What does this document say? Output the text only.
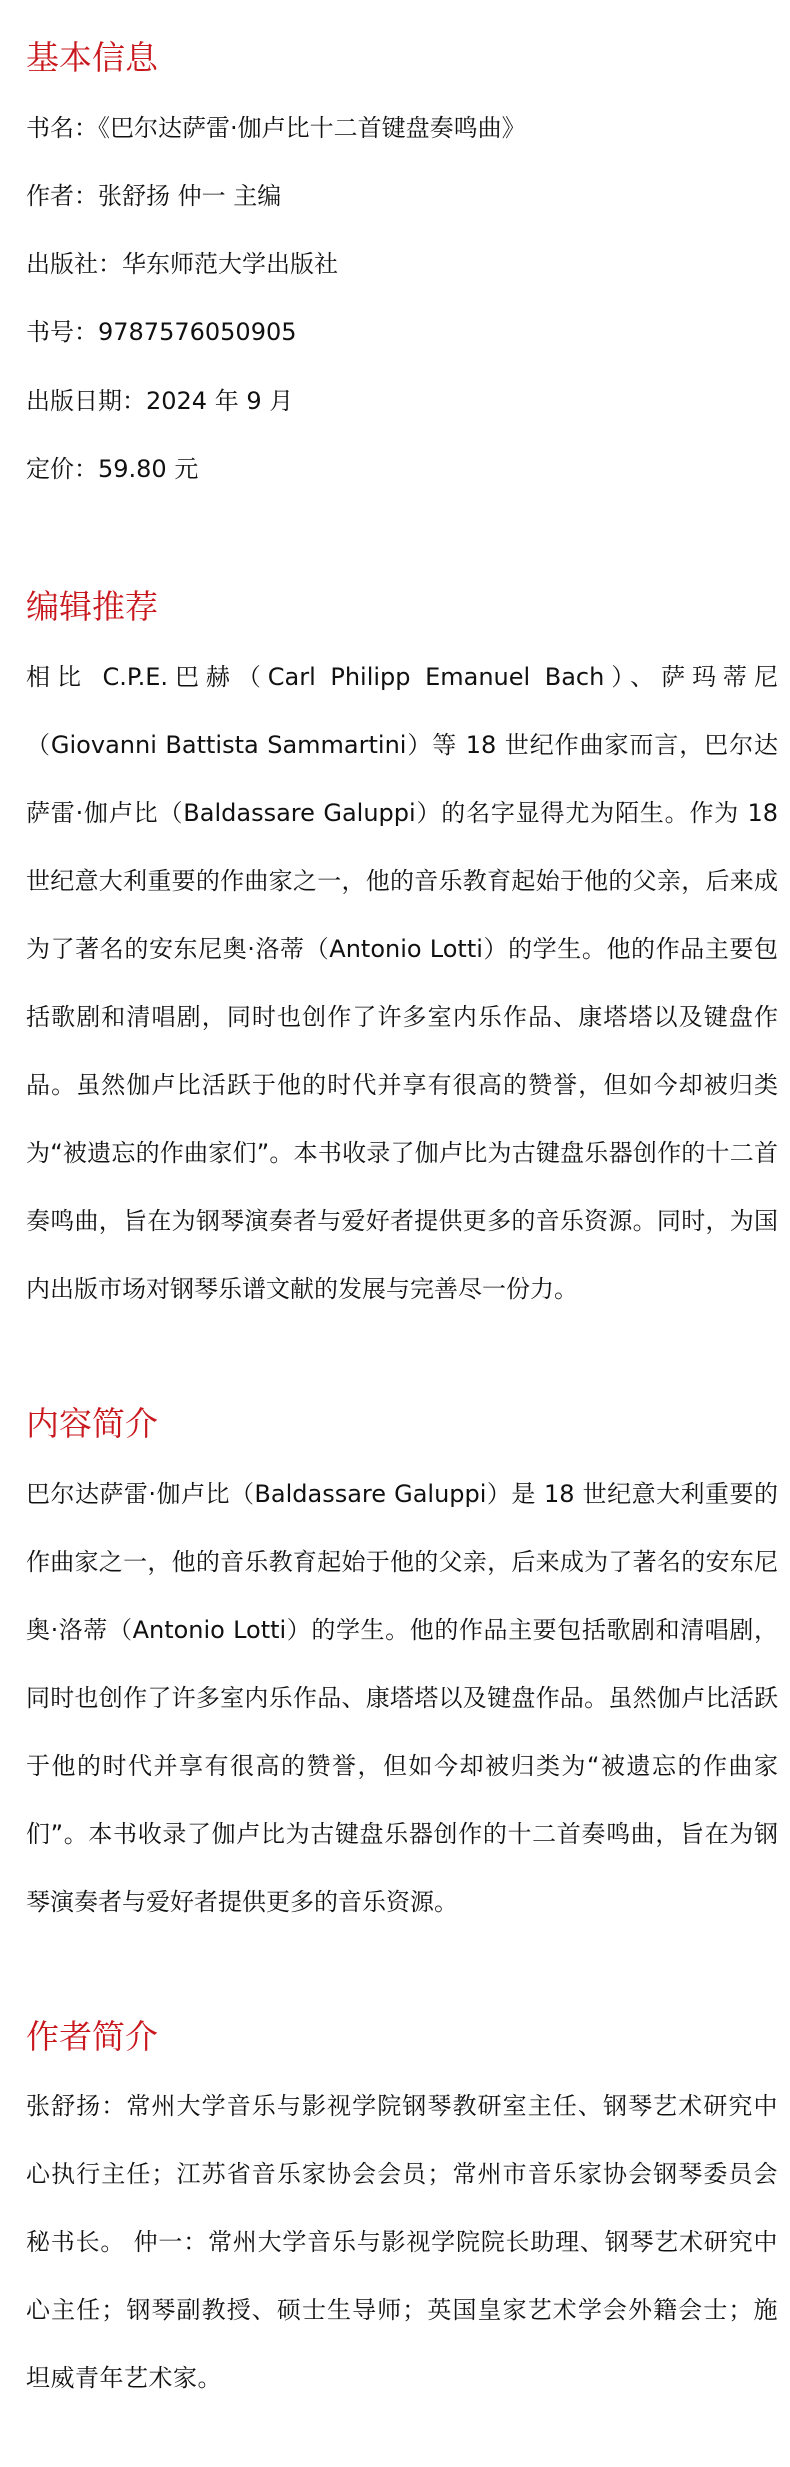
基本信息

书名：《巴尔达萨雷·伽卢比十二首键盘奏鸣曲》

作者：张舒扬 仲一 主编

出版社：华东师范大学出版社

书号：9787576050905

出版日期：2024 年 9 月

定价：59.80 元

编辑推荐

相比 C.P.E.巴赫（Carl Philipp Emanuel Bach）、萨玛蒂尼（Giovanni Battista Sammartini）等 18 世纪作曲家而言，巴尔达萨雷·伽卢比（Baldassare Galuppi）的名字显得尤为陌生。作为 18 世纪意大利重要的作曲家之一，他的音乐教育起始于他的父亲，后来成为了著名的安东尼奥·洛蒂（Antonio Lotti）的学生。他的作品主要包括歌剧和清唱剧，同时也创作了许多室内乐作品、康塔塔以及键盘作品。虽然伽卢比活跃于他的时代并享有很高的赞誉，但如今却被归类为“被遗忘的作曲家们”。本书收录了伽卢比为古键盘乐器创作的十二首奏鸣曲，旨在为钢琴演奏者与爱好者提供更多的音乐资源。同时，为国内出版市场对钢琴乐谱文献的发展与完善尽一份力。

内容简介

巴尔达萨雷·伽卢比（Baldassare Galuppi）是 18 世纪意大利重要的作曲家之一，他的音乐教育起始于他的父亲，后来成为了著名的安东尼奥·洛蒂（Antonio Lotti）的学生。他的作品主要包括歌剧和清唱剧，同时也创作了许多室内乐作品、康塔塔以及键盘作品。虽然伽卢比活跃于他的时代并享有很高的赞誉，但如今却被归类为“被遗忘的作曲家们”。本书收录了伽卢比为古键盘乐器创作的十二首奏鸣曲，旨在为钢琴演奏者与爱好者提供更多的音乐资源。

作者简介

张舒扬：常州大学音乐与影视学院钢琴教研室主任、钢琴艺术研究中心执行主任；江苏省音乐家协会会员；常州市音乐家协会钢琴委员会秘书长。 仲一：常州大学音乐与影视学院院长助理、钢琴艺术研究中心主任；钢琴副教授、硕士生导师；英国皇家艺术学会外籍会士；施坦威青年艺术家。
